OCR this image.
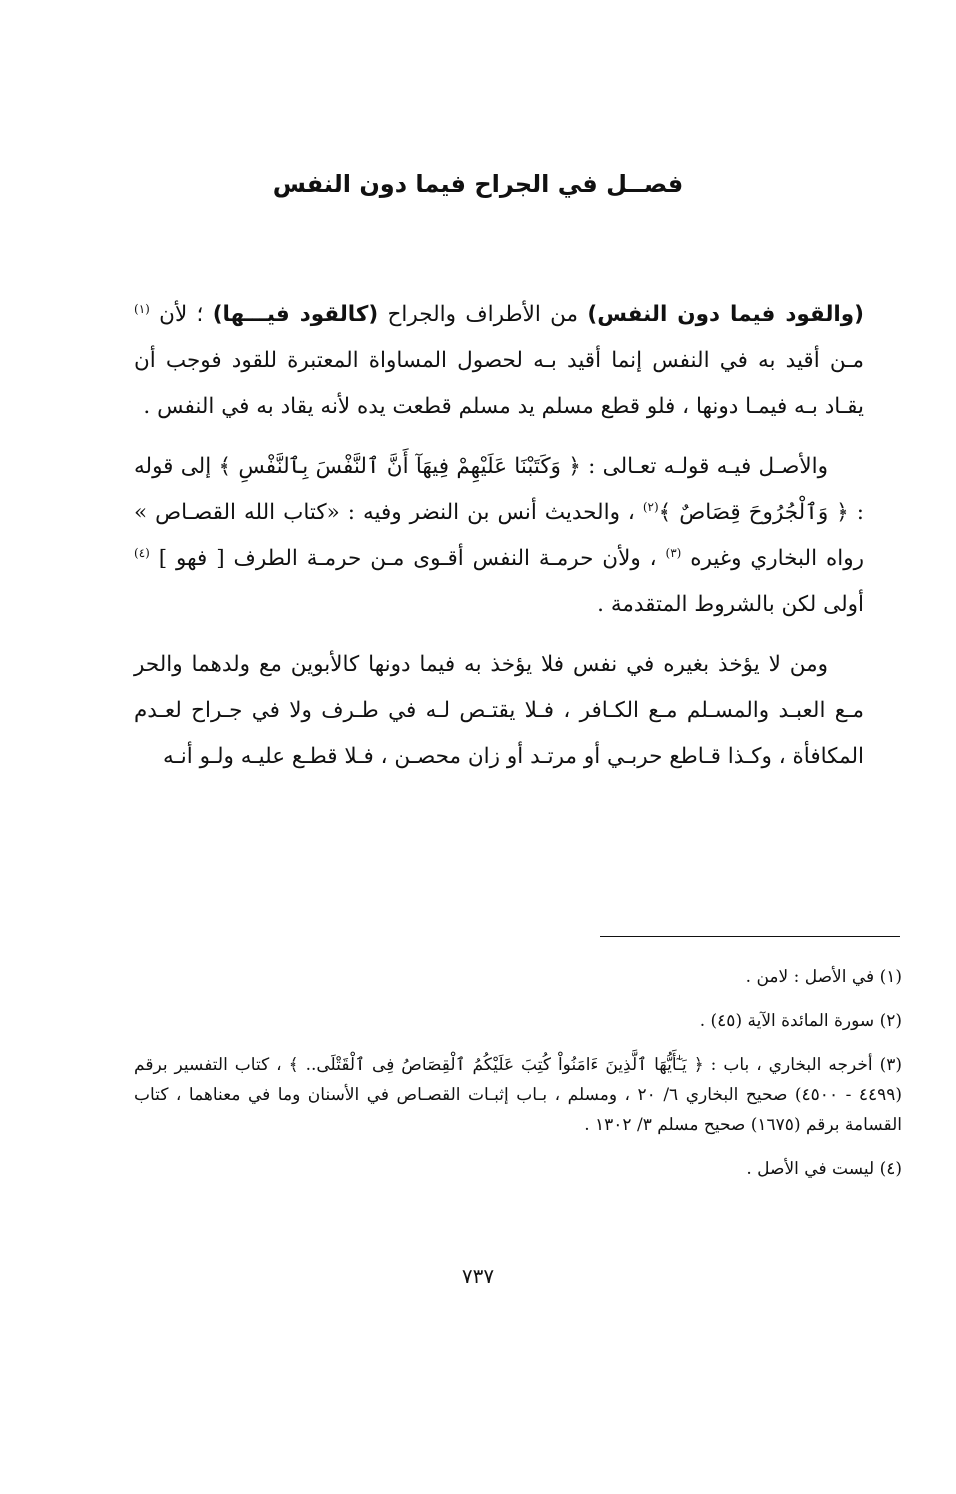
فصــل في الجراح فيما دون النفس

(والقود فيما دون النفس) من الأطراف والجراح (كالقود فيـــها) ؛ لأن $^{(١)}$ مـن أقيد به في النفس إنما أقيد بـه لحصول المساواة المعتبرة للقود فوجب أن يقـاد بـه فيمـا دونها ، فلو قطع مسلم يد مسلم قطعت يده لأنه يقاد به في النفس .

والأصـل فيـه قولـه تعـالى : ﴿ وَكَتَبْنَا عَلَيْهِمْ فِيهَآ أَنَّ ٱلنَّفْسَ بِٱلنَّفْسِ ﴾ إلى قوله : ﴿ وَٱلْجُرُوحَ قِصَاصٌ ﴾$^{(٢)}$ ، والحديث أنس بن النضر وفيه : «كتاب الله القصـاص » رواه البخاري وغيره $^{(٣)}$ ، ولأن حرمـة النفس أقـوى مـن حرمـة الطرف [ فهو ] $^{(٤)}$ أولى لكن بالشروط المتقدمة .

ومن لا يؤخذ بغيره في نفس فلا يؤخذ به فيما دونها كالأبوين مع ولدهما والحر مـع العبـد والمسـلم مـع الكـافر ، فـلا يقتـص لـه في طـرف ولا في جـراح لعـدم المكافأة ، وكـذا قـاطع حربـي أو مرتـد أو زان محصـن ، فـلا قطـع عليـه ولـو أنـه

(١) في الأصل : لامن .

(٢) سورة المائدة الآية (٤٥) .

(٣) أخرجه البخاري ، باب : ﴿ يَـٰٓأَيُّهَا ٱلَّذِينَ ءَامَنُواْ كُتِبَ عَلَيْكُمُ ٱلْقِصَاصُ فِى ٱلْقَتْلَى.. ﴾ ، كتاب التفسير برقم (٤٤٩٩ - ٤٥٠٠) صحيح البخاري ٦/ ٢٠ ، ومسلم ، بـاب إثبـات القصـاص في الأسنان وما في معناهما ، كتاب القسامة برقم (١٦٧٥) صحيح مسلم ٣/ ١٣٠٢ .

(٤) ليست في الأصل .

٧٣٧
